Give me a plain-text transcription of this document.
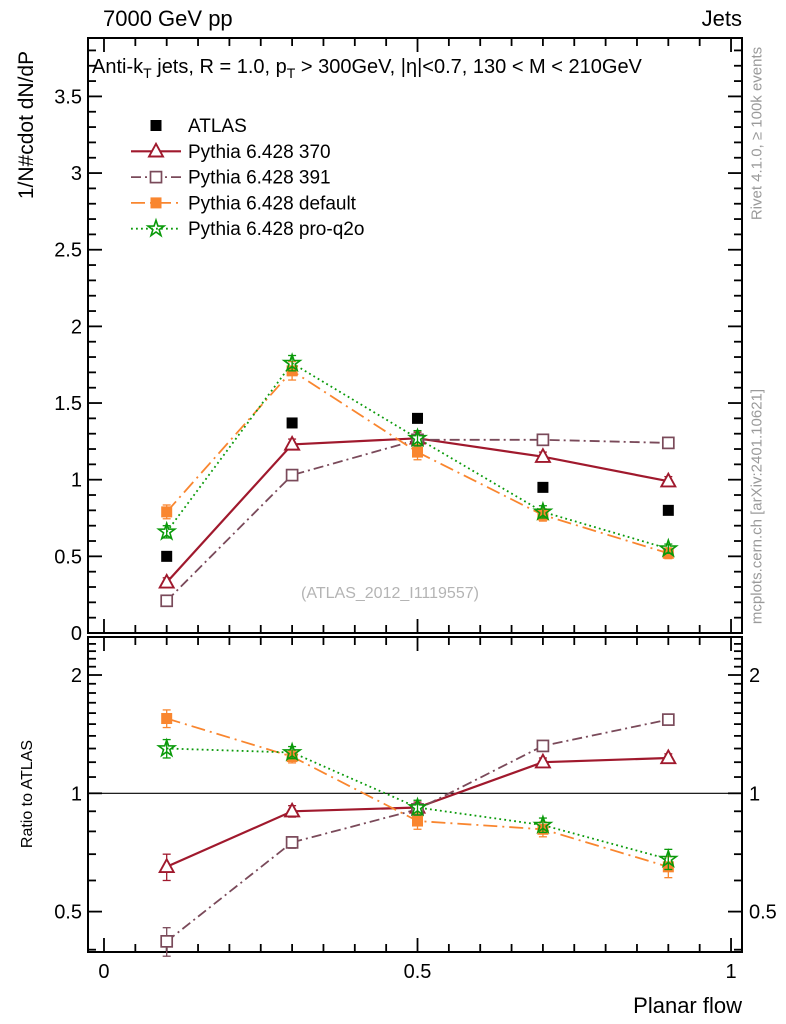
7000 GeV pp	Jets
1/N#cdot dN/dP
Ratio to ATLAS
Rivet 4.1.0, ≥ 100k events
mcplots.cern.ch [arXiv:2401.10621]
Anti-$k_T$ jets, R = 1.0, $p_T > 300GeV$, |η|<0.7, 130 < M < 210GeV
(ATLAS_2012_I1119557)
Planar flow
0
0.5
1
1.5
2
2.5
3
3.5
ATLAS
Pythia 6.428 370
Pythia 6.428 391
Pythia 6.428 default
Pythia 6.428 pro-q2o
0.5	0.5
1	1
2	2
0	0.5	1
